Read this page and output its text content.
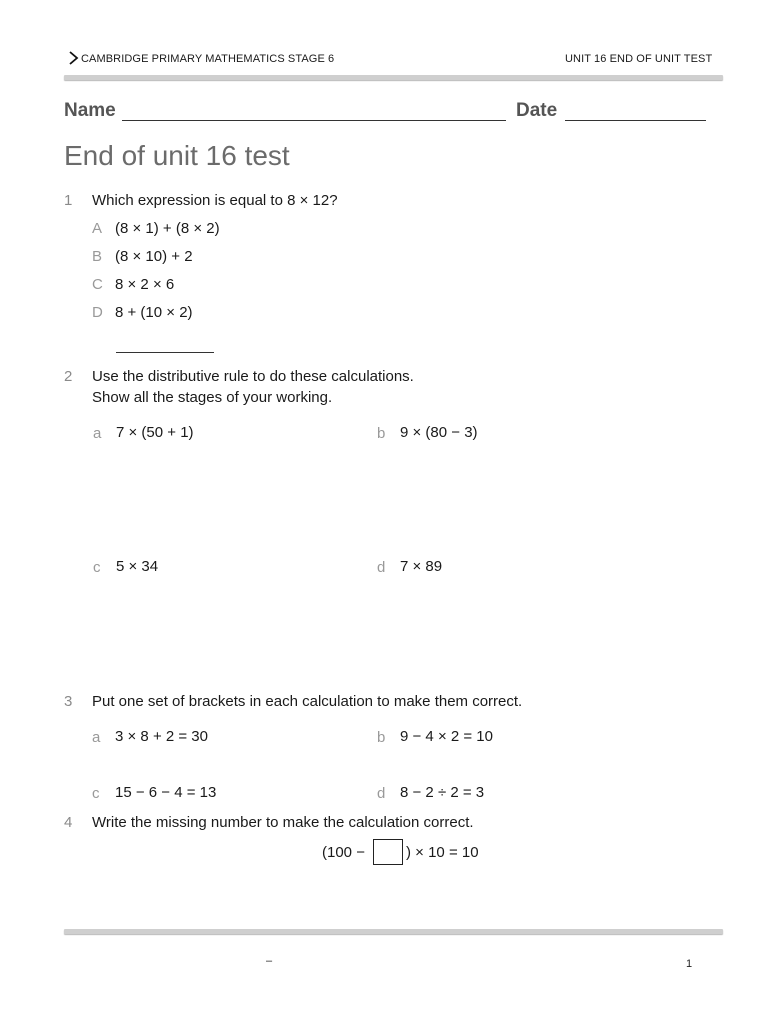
CAMBRIDGE PRIMARY MATHEMATICS STAGE 6	UNIT 16 END OF UNIT TEST
Name	Date
End of unit 16 test
1 Which expression is equal to 8 × 12?
A (8 × 1) + (8 × 2)
B (8 × 10) + 2
C 8 × 2 × 6
D 8 + (10 × 2)
2 Use the distributive rule to do these calculations.
Show all the stages of your working.
a 7 × (50 + 1)	b 9 × (80 − 3)
c 5 × 34	d 7 × 89
3 Put one set of brackets in each calculation to make them correct.
a 3 × 8 + 2 = 30	b 9 − 4 × 2 = 10
c 15 − 6 − 4 = 13	d 8 − 2 ÷ 2 = 3
4 Write the missing number to make the calculation correct.
(100 −	) × 10 = 10
–	1
